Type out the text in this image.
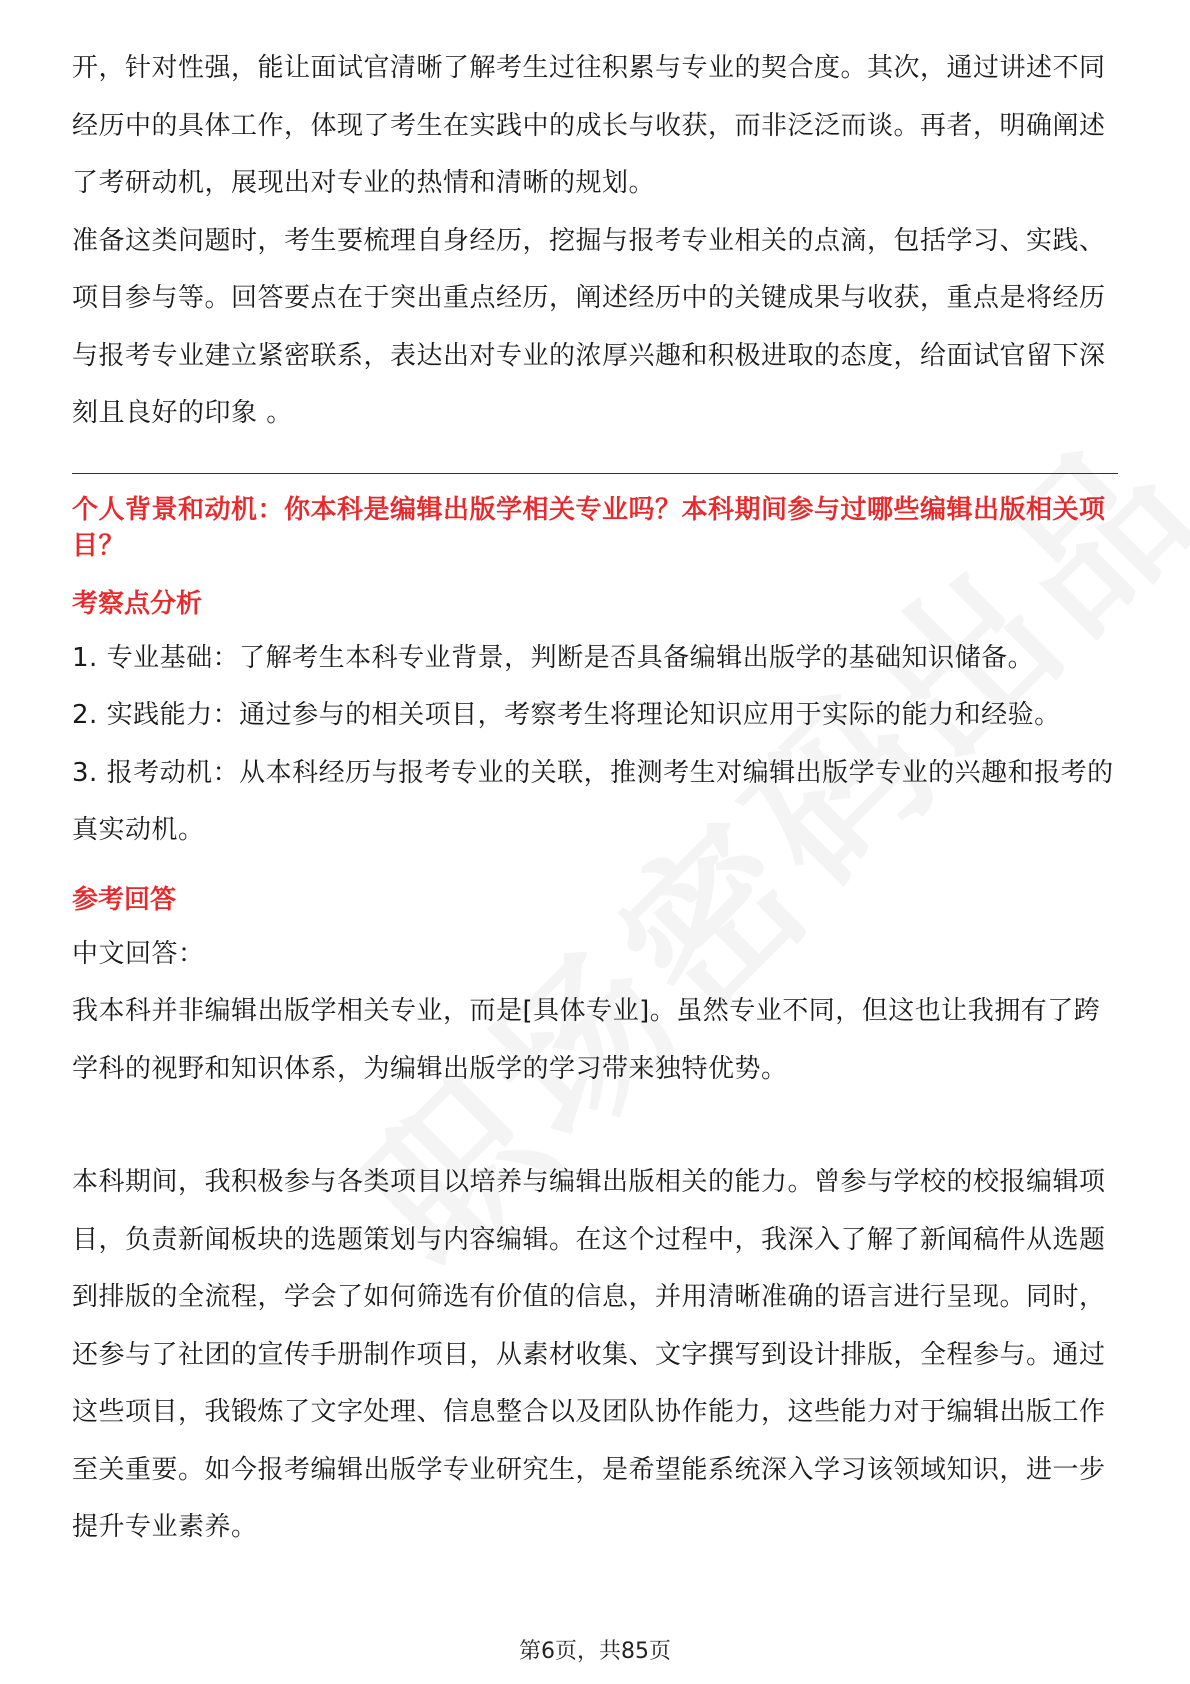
开，针对性强，能让面试官清晰了解考生过往积累与专业的契合度。其次，通过讲述不同经历中的具体工作，体现了考生在实践中的成长与收获，而非泛泛而谈。再者，明确阐述了考研动机，展现出对专业的热情和清晰的规划。

准备这类问题时，考生要梳理自身经历，挖掘与报考专业相关的点滴，包括学习、实践、项目参与等。回答要点在于突出重点经历，阐述经历中的关键成果与收获，重点是将经历与报考专业建立紧密联系，表达出对专业的浓厚兴趣和积极进取的态度，给面试官留下深刻且良好的印象 。

个人背景和动机：你本科是编辑出版学相关专业吗？本科期间参与过哪些编辑出版相关项目？

考察点分析

1. 专业基础：了解考生本科专业背景，判断是否具备编辑出版学的基础知识储备。

2. 实践能力：通过参与的相关项目，考察考生将理论知识应用于实际的能力和经验。

3. 报考动机：从本科经历与报考专业的关联，推测考生对编辑出版学专业的兴趣和报考的真实动机。

参考回答

中文回答：

我本科并非编辑出版学相关专业，而是[具体专业]。虽然专业不同，但这也让我拥有了跨学科的视野和知识体系，为编辑出版学的学习带来独特优势。

本科期间，我积极参与各类项目以培养与编辑出版相关的能力。曾参与学校的校报编辑项目，负责新闻板块的选题策划与内容编辑。在这个过程中，我深入了解了新闻稿件从选题到排版的全流程，学会了如何筛选有价值的信息，并用清晰准确的语言进行呈现。同时，还参与了社团的宣传手册制作项目，从素材收集、文字撰写到设计排版，全程参与。通过这些项目，我锻炼了文字处理、信息整合以及团队协作能力，这些能力对于编辑出版工作至关重要。如今报考编辑出版学专业研究生，是希望能系统深入学习该领域知识，进一步提升专业素养。

第6页，共85页
